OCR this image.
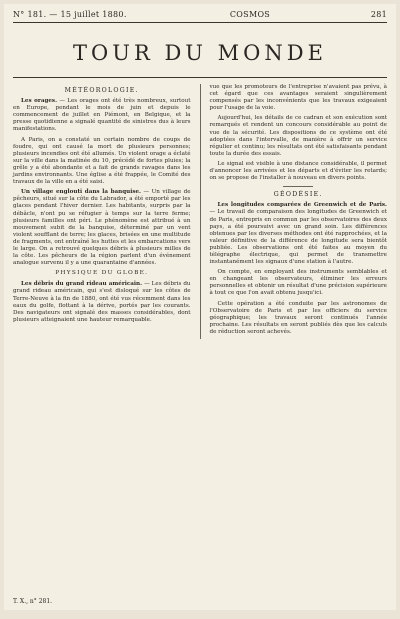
N° 181. — 15 juillet 1880.	COSMOS	281
TOUR DU MONDE
MÉTÉOROLOGIE.

Les orages. — Les orages ont été très nombreux, surtout en Europe, pendant le mois de juin et depuis le commencement de juillet en Piémont, en Belgique, et la presse quotidienne a signalé quantité de sinistres dus à leurs manifestations.

A Paris, on a constaté un certain nombre de coups de foudre, qui ont causé la mort de plusieurs personnes; plusieurs incendies ont été allumés. Un violent orage a éclaté sur la ville dans la matinée du 10, précédé de fortes pluies; la grêle y a été abondante et a fait de grands ravages dans les jardins environnants. Une église a été frappée, le Comité des travaux de la ville en a été saisi.

Un village englouti dans la banquise. — Un village de pêcheurs, situé sur la côte du Labrador, a été emporté par les glaces pendant l'hiver dernier. Les habitants, surpris par la débâcle, n'ont pu se réfugier à temps sur la terre ferme; plusieurs familles ont péri. Le phénomène est attribué à un mouvement subit de la banquise, déterminé par un vent violent soufflant de terre; les glaces, brisées en une multitude de fragments, ont entraîné les huttes et les embarcations vers le large. On a retrouvé quelques débris à plusieurs milles de la côte. Les pêcheurs de la région parlent d'un événement analogue survenu il y a une quarantaine d'années.

PHYSIQUE DU GLOBE.

Les débris du grand rideau américain. — Les débris du grand rideau américain, qui s'est disloqué sur les côtes de Terre-Neuve à la fin de 1880, ont été vus récemment dans les eaux du golfe, flottant à la dérive, portés par les courants. Des navigateurs ont signalé des masses considérables, dont plusieurs atteignaient une hauteur remarquable.

vue que les promoteurs de l'entreprise n'avaient pas prévu, à cet égard que ces avantages seraient singulièrement compensés par les inconvénients que les travaux exigeaient pour l'usage de la voie.

Aujourd'hui, les détails de ce cadran et son exécution sont remarqués et rendent un concours considérable au point de vue de la sécurité. Les dispositions de ce système ont été adoptées dans l'intervalle, de manière à offrir un service régulier et continu; les résultats ont été satisfaisants pendant toute la durée des essais.

Le signal est visible à une distance considérable, il permet d'annoncer les arrivées et les départs et d'éviter les retards; on se propose de l'installer à nouveau en divers points.

GÉODÉSIE.

Les longitudes comparées de Greenwich et de Paris. — Le travail de comparaison des longitudes de Greenwich et de Paris, entrepris en commun par les observatoires des deux pays, a été poursuivi avec un grand soin. Les différences obtenues par les diverses méthodes ont été rapprochées, et la valeur définitive de la différence de longitude sera bientôt publiée. Les observations ont été faites au moyen du télégraphe électrique, qui permet de transmettre instantanément les signaux d'une station à l'autre.

On compte, en employant des instruments semblables et en changeant les observateurs, éliminer les erreurs personnelles et obtenir un résultat d'une précision supérieure à tout ce que l'on avait obtenu jusqu'ici.

Cette opération a été conduite par les astronomes de l'Observatoire de Paris et par les officiers du service géographique; les travaux seront continués l'année prochaine. Les résultats en seront publiés dès que les calculs de réduction seront achevés.

T. X., n° 281.
